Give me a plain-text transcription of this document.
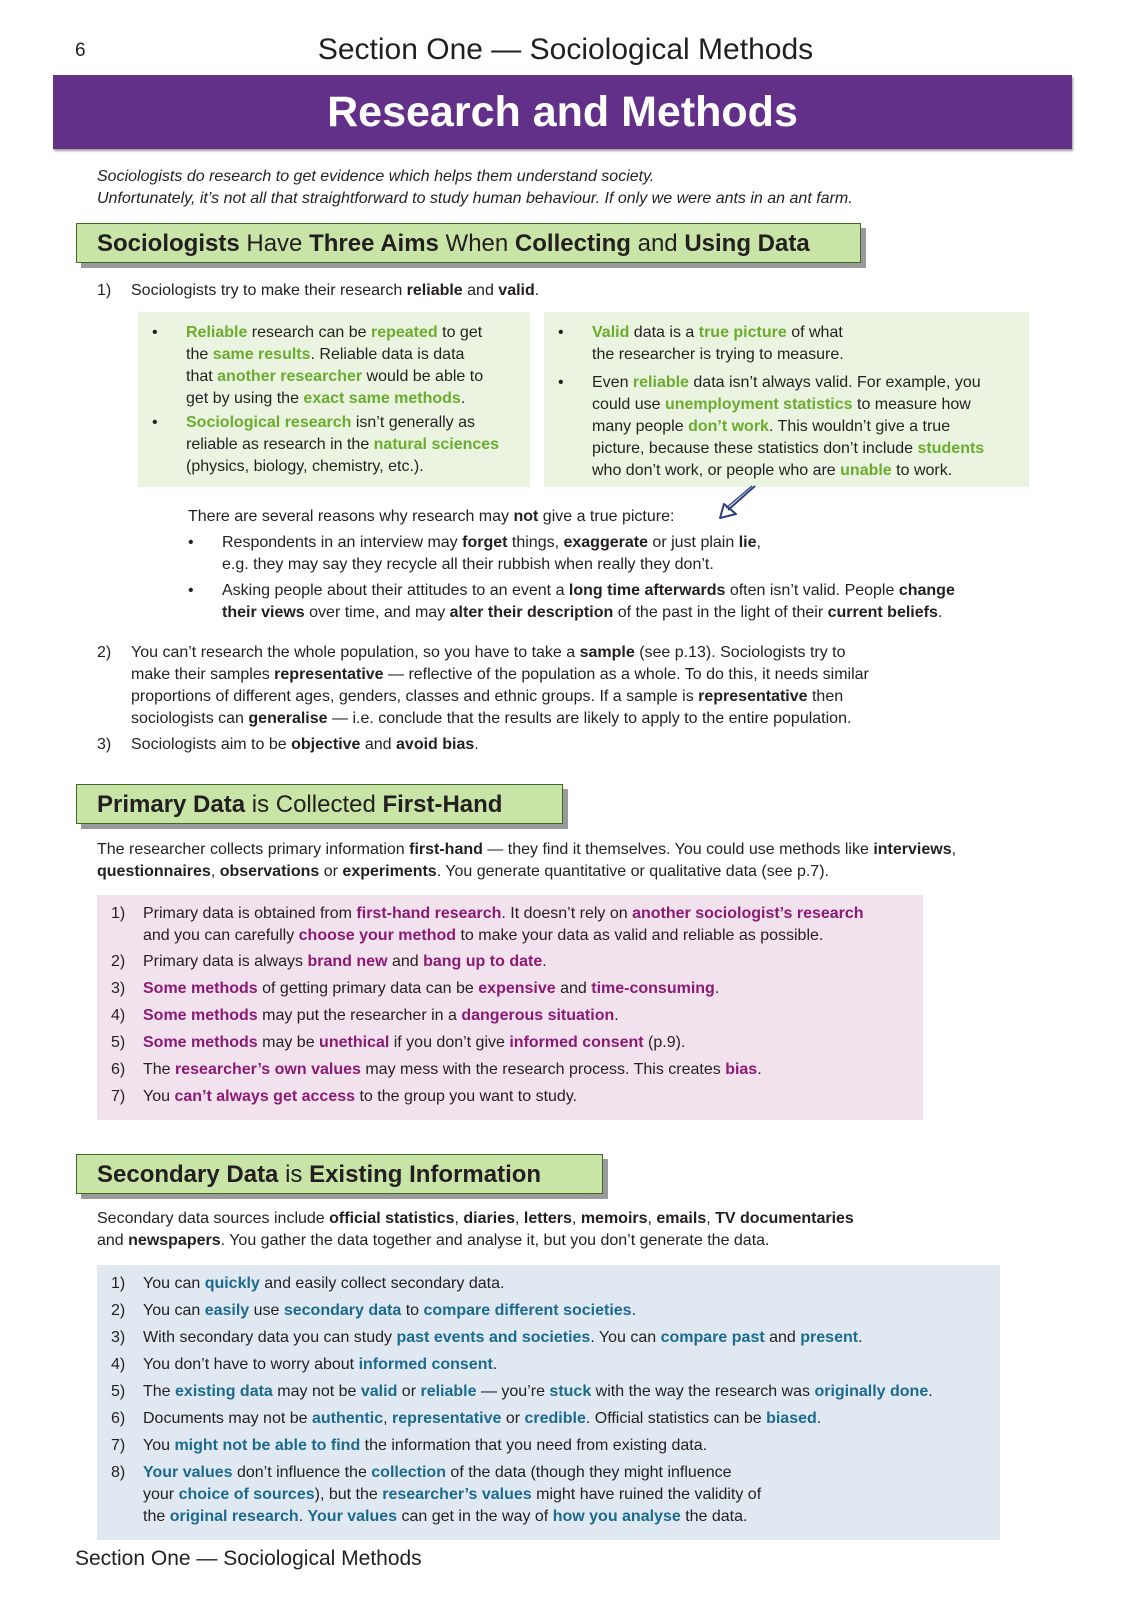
6	Section One — Sociological Methods
Research and Methods
Sociologists do research to get evidence which helps them understand society.
Unfortunately, it’s not all that straightforward to study human behaviour. If only we were ants in an ant farm.
Sociologists Have Three Aims When Collecting and Using Data
1) Sociologists try to make their research reliable and valid.
• Reliable research can be repeated to get
the same results. Reliable data is data
that another researcher would be able to
get by using the exact same methods.
• Sociological research isn’t generally as
reliable as research in the natural sciences
(physics, biology, chemistry, etc.).
• Valid data is a true picture of what
the researcher is trying to measure.
• Even reliable data isn’t always valid. For example, you
could use unemployment statistics to measure how
many people don’t work. This wouldn’t give a true
picture, because these statistics don’t include students
who don’t work, or people who are unable to work.
There are several reasons why research may not give a true picture:
• Respondents in an interview may forget things, exaggerate or just plain lie,
e.g. they may say they recycle all their rubbish when really they don’t.
• Asking people about their attitudes to an event a long time afterwards often isn’t valid. People change
their views over time, and may alter their description of the past in the light of their current beliefs.
2) You can’t research the whole population, so you have to take a sample (see p.13). Sociologists try to
make their samples representative — reflective of the population as a whole. To do this, it needs similar
proportions of different ages, genders, classes and ethnic groups. If a sample is representative then
sociologists can generalise — i.e. conclude that the results are likely to apply to the entire population.
3) Sociologists aim to be objective and avoid bias.
Primary Data is Collected First-Hand
The researcher collects primary information first-hand — they find it themselves. You could use methods like interviews,
questionnaires, observations or experiments. You generate quantitative or qualitative data (see p.7).
1) Primary data is obtained from first-hand research. It doesn’t rely on another sociologist’s research
and you can carefully choose your method to make your data as valid and reliable as possible.
2) Primary data is always brand new and bang up to date.
3) Some methods of getting primary data can be expensive and time-consuming.
4) Some methods may put the researcher in a dangerous situation.
5) Some methods may be unethical if you don’t give informed consent (p.9).
6) The researcher’s own values may mess with the research process. This creates bias.
7) You can’t always get access to the group you want to study.
Secondary Data is Existing Information
Secondary data sources include official statistics, diaries, letters, memoirs, emails, TV documentaries
and newspapers. You gather the data together and analyse it, but you don’t generate the data.
1) You can quickly and easily collect secondary data.
2) You can easily use secondary data to compare different societies.
3) With secondary data you can study past events and societies. You can compare past and present.
4) You don’t have to worry about informed consent.
5) The existing data may not be valid or reliable — you’re stuck with the way the research was originally done.
6) Documents may not be authentic, representative or credible. Official statistics can be biased.
7) You might not be able to find the information that you need from existing data.
8) Your values don’t influence the collection of the data (though they might influence
your choice of sources), but the researcher’s values might have ruined the validity of
the original research. Your values can get in the way of how you analyse the data.
Section One — Sociological Methods
